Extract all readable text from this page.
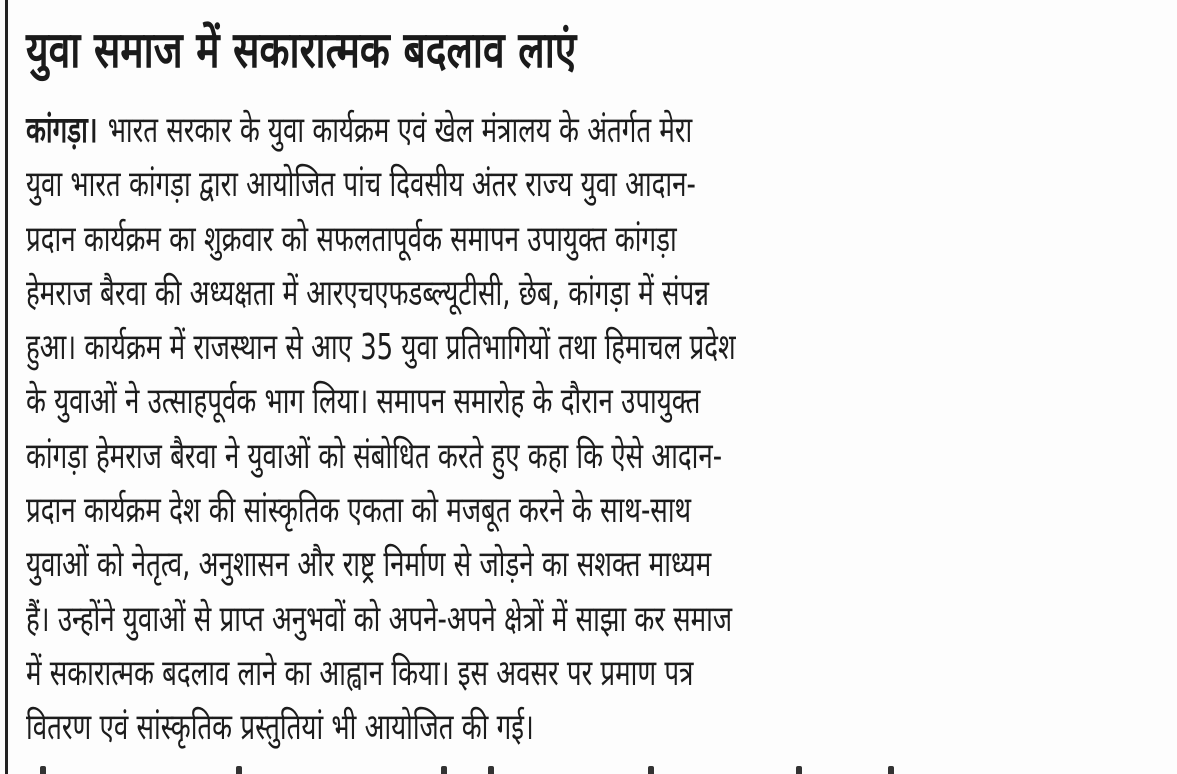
युवा समाज में सकारात्मक बदलाव लाएं
कांगड़ा। भारत सरकार के युवा कार्यक्रम एवं खेल मंत्रालय के अंतर्गत मेरा
युवा भारत कांगड़ा द्वारा आयोजित पांच दिवसीय अंतर राज्य युवा आदान-
प्रदान कार्यक्रम का शुक्रवार को सफलतापूर्वक समापन उपायुक्त कांगड़ा
हेमराज बैरवा की अध्यक्षता में आरएचएफडब्ल्यूटीसी, छेब, कांगड़ा में संपन्न
हुआ। कार्यक्रम में राजस्थान से आए 35 युवा प्रतिभागियों तथा हिमाचल प्रदेश
के युवाओं ने उत्साहपूर्वक भाग लिया। समापन समारोह के दौरान उपायुक्त
कांगड़ा हेमराज बैरवा ने युवाओं को संबोधित करते हुए कहा कि ऐसे आदान-
प्रदान कार्यक्रम देश की सांस्कृतिक एकता को मजबूत करने के साथ-साथ
युवाओं को नेतृत्व, अनुशासन और राष्ट्र निर्माण से जोड़ने का सशक्त माध्यम
हैं। उन्होंने युवाओं से प्राप्त अनुभवों को अपने-अपने क्षेत्रों में साझा कर समाज
में सकारात्मक बदलाव लाने का आह्वान किया। इस अवसर पर प्रमाण पत्र
वितरण एवं सांस्कृतिक प्रस्तुतियां भी आयोजित की गई।
